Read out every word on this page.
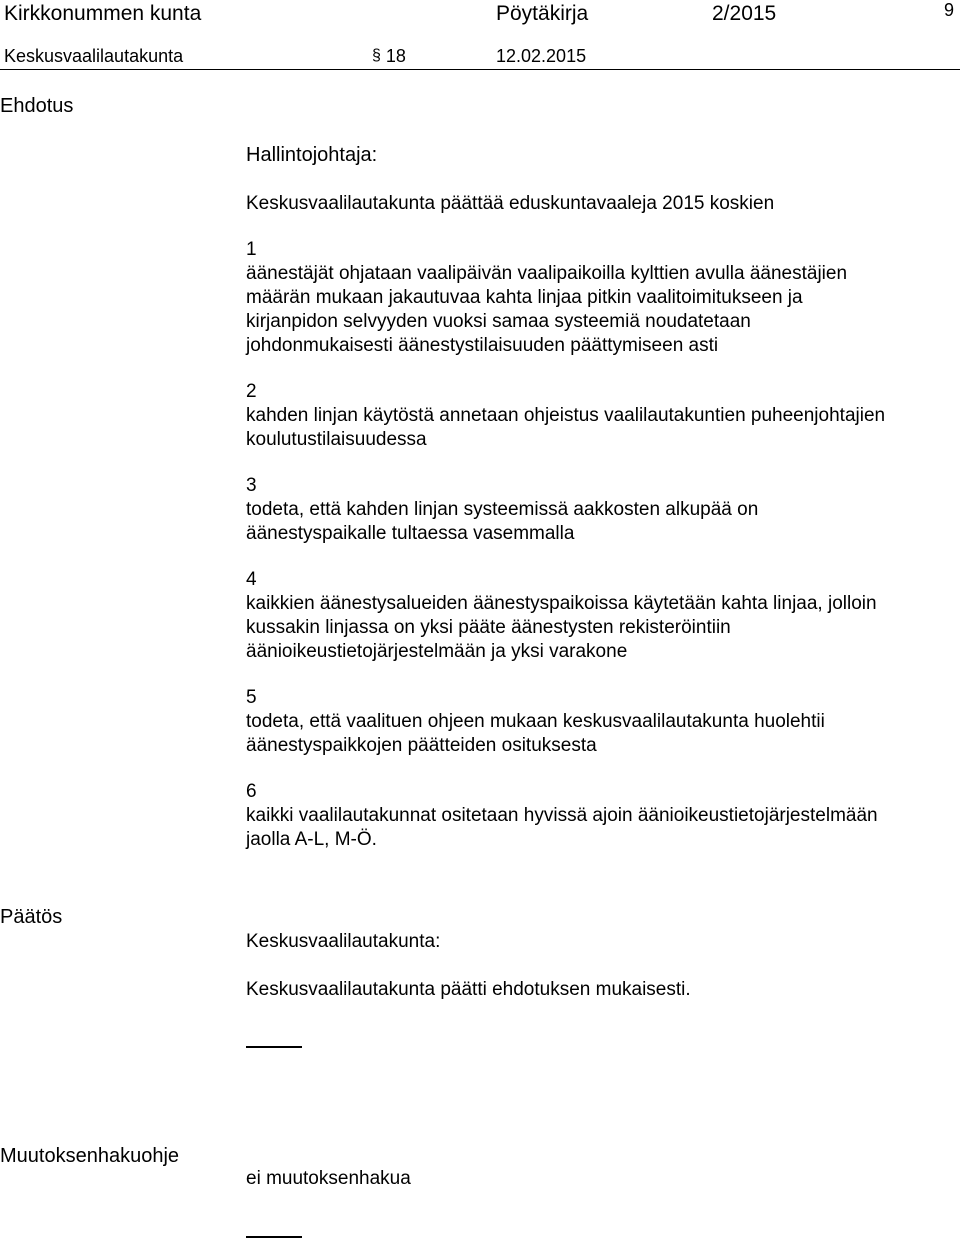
Kirkkonummen kunta	Pöytäkirja	2/2015	9
Keskusvaalilautakunta	§ 18	12.02.2015
Ehdotus

Hallintojohtaja:

Keskusvaalilautakunta päättää eduskuntavaaleja 2015 koskien

1

äänestäjät ohjataan vaalipäivän vaalipaikoilla kylttien avulla äänestäjien

määrän mukaan jakautuvaa kahta linjaa pitkin vaalitoimitukseen ja

kirjanpidon selvyyden vuoksi samaa systeemiä noudatetaan

johdonmukaisesti äänestystilaisuuden päättymiseen asti

2

kahden linjan käytöstä annetaan ohjeistus vaalilautakuntien puheenjohtajien

koulutustilaisuudessa

3

todeta, että kahden linjan systeemissä aakkosten alkupää on

äänestyspaikalle tultaessa vasemmalla

4

kaikkien äänestysalueiden äänestyspaikoissa käytetään kahta linjaa, jolloin

kussakin linjassa on yksi pääte äänestysten rekisteröintiin

äänioikeustietojärjestelmään ja yksi varakone

5

todeta, että vaalituen ohjeen mukaan keskusvaalilautakunta huolehtii

äänestyspaikkojen päätteiden osituksesta

6

kaikki vaalilautakunnat ositetaan hyvissä ajoin äänioikeustietojärjestelmään

jaolla A-L, M-Ö.

Päätös
Keskusvaalilautakunta:
Keskusvaalilautakunta päätti ehdotuksen mukaisesti.
Muutoksenhakuohje
ei muutoksenhakua
